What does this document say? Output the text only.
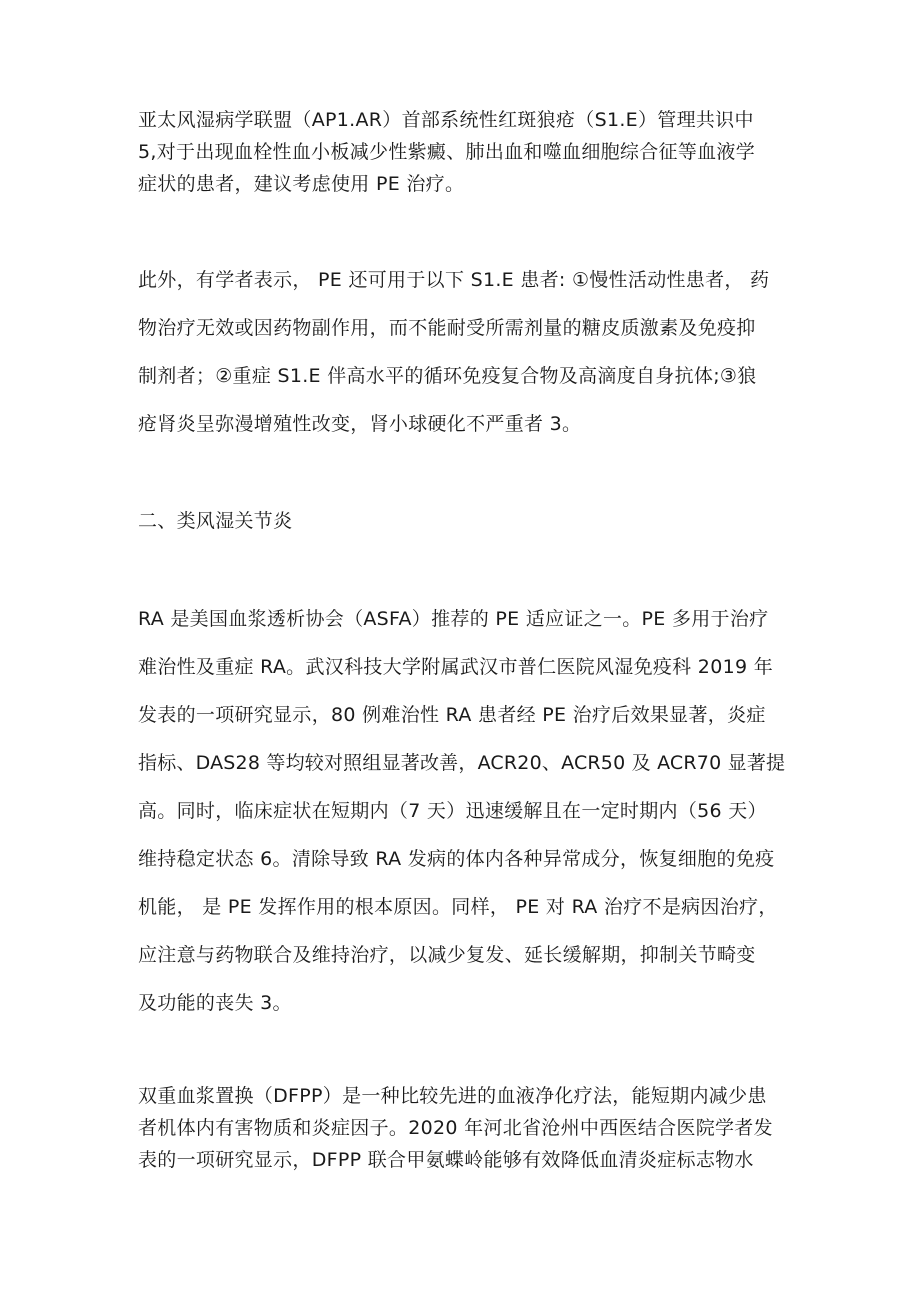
亚太风湿病学联盟（AP1.AR）首部系统性红斑狼疮（S1.E）管理共识中
5,对于出现血栓性血小板减少性紫癜、肺出血和噬血细胞综合征等血液学
症状的患者，建议考虑使用 PE 治疗。

此外，有学者表示， PE 还可用于以下 S1.E 患者: ①慢性活动性患者， 药
物治疗无效或因药物副作用，而不能耐受所需剂量的糖皮质激素及免疫抑
制剂者；②重症 S1.E 伴高水平的循环免疫复合物及高滴度自身抗体;③狼
疮肾炎呈弥漫增殖性改变，肾小球硬化不严重者 3。

二、类风湿关节炎

RA 是美国血浆透析协会（ASFA）推荐的 PE 适应证之一。PE 多用于治疗
难治性及重症 RA。武汉科技大学附属武汉市普仁医院风湿免疫科 2019 年
发表的一项研究显示，80 例难治性 RA 患者经 PE 治疗后效果显著，炎症
指标、DAS28 等均较对照组显著改善，ACR20、ACR50 及 ACR70 显著提
高。同时，临床症状在短期内（7 天）迅速缓解且在一定时期内（56 天）
维持稳定状态 6。清除导致 RA 发病的体内各种异常成分，恢复细胞的免疫
机能， 是 PE 发挥作用的根本原因。同样， PE 对 RA 治疗不是病因治疗，
应注意与药物联合及维持治疗，以减少复发、延长缓解期，抑制关节畸变
及功能的丧失 3。

双重血浆置换（DFPP）是一种比较先进的血液净化疗法，能短期内减少患
者机体内有害物质和炎症因子。2020 年河北省沧州中西医结合医院学者发
表的一项研究显示，DFPP 联合甲氨蝶岭能够有效降低血清炎症标志物水
